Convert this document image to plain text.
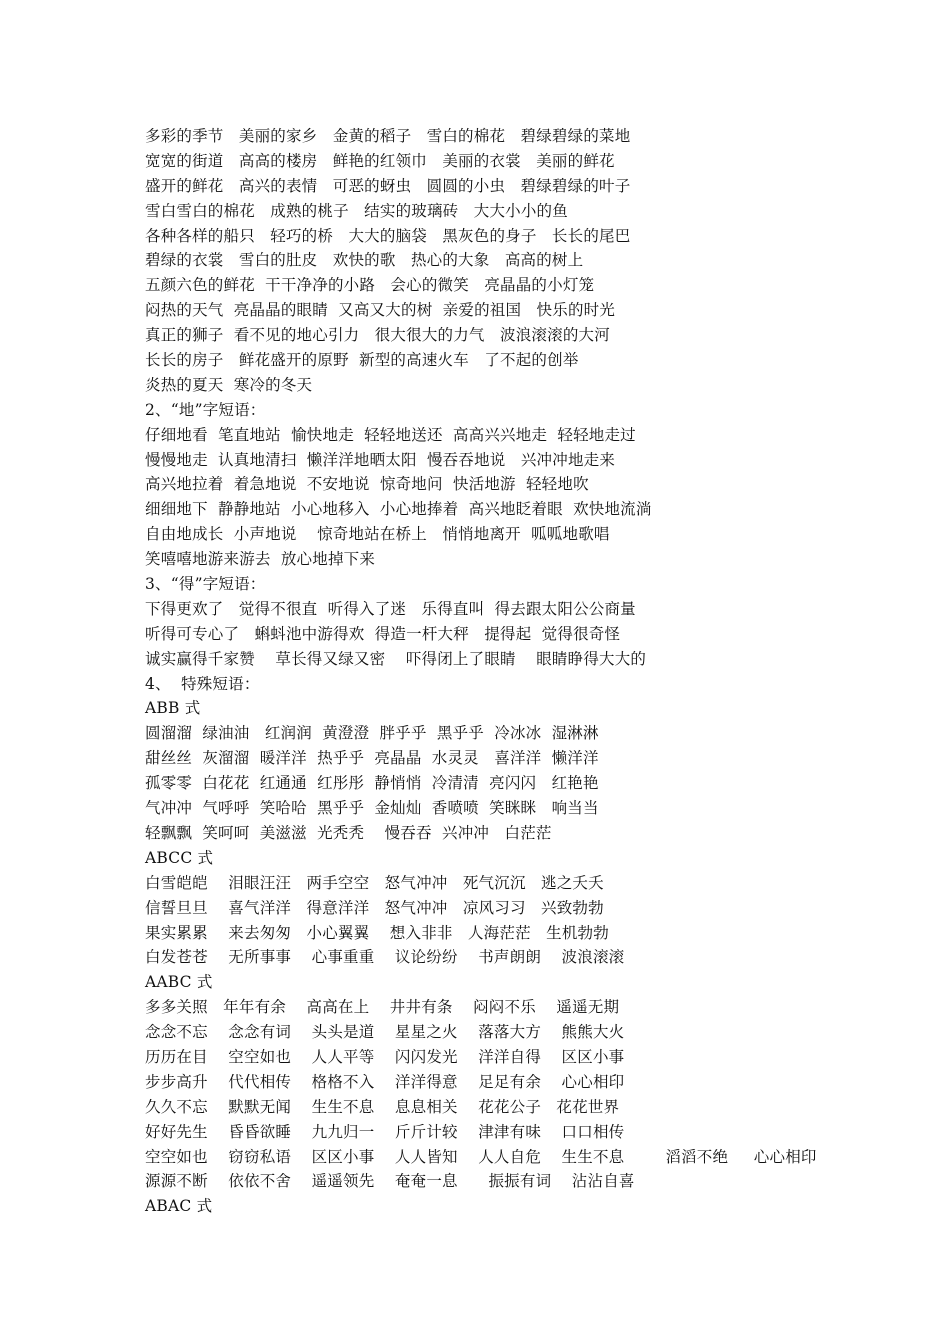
多彩的季节   美丽的家乡   金黄的稻子   雪白的棉花   碧绿碧绿的菜地
宽宽的街道   高高的楼房   鲜艳的红领巾   美丽的衣裳   美丽的鲜花
盛开的鲜花   高兴的表情   可恶的蚜虫   圆圆的小虫   碧绿碧绿的叶子
雪白雪白的棉花   成熟的桃子   结实的玻璃砖   大大小小的鱼
各种各样的船只   轻巧的桥   大大的脑袋   黑灰色的身子   长长的尾巴
碧绿的衣裳   雪白的肚皮   欢快的歌   热心的大象   高高的树上
五颜六色的鲜花  干干净净的小路   会心的微笑   亮晶晶的小灯笼
闷热的天气  亮晶晶的眼睛  又高又大的树  亲爱的祖国   快乐的时光
真正的狮子  看不见的地心引力   很大很大的力气   波浪滚滚的大河
长长的房子   鲜花盛开的原野  新型的高速火车   了不起的创举
炎热的夏天  寒冷的冬天
2、“地”字短语：
仔细地看  笔直地站  愉快地走  轻轻地送还  高高兴兴地走  轻轻地走过
慢慢地走  认真地清扫  懒洋洋地晒太阳  慢吞吞地说   兴冲冲地走来
高兴地拉着  着急地说  不安地说  惊奇地问  快活地游  轻轻地吹
细细地下  静静地站  小心地移入  小心地捧着  高兴地眨着眼  欢快地流淌
自由地成长  小声地说    惊奇地站在桥上   悄悄地离开  呱呱地歌唱
笑嘻嘻地游来游去  放心地掉下来
3、“得”字短语：
下得更欢了   觉得不很直  听得入了迷   乐得直叫  得去跟太阳公公商量
听得可专心了   蝌蚪池中游得欢  得造一杆大秤   提得起  觉得很奇怪
诚实赢得千家赞    草长得又绿又密    吓得闭上了眼睛    眼睛睁得大大的
4、  特殊短语：
ABB 式
圆溜溜  绿油油   红润润  黄澄澄  胖乎乎  黑乎乎  冷冰冰  湿淋淋
甜丝丝  灰溜溜  暖洋洋  热乎乎  亮晶晶  水灵灵   喜洋洋  懒洋洋
孤零零  白花花  红通通  红彤彤  静悄悄  冷清清  亮闪闪   红艳艳
气冲冲  气呼呼  笑哈哈  黑乎乎  金灿灿  香喷喷  笑眯眯   响当当
轻飘飘  笑呵呵  美滋滋  光秃秃    慢吞吞  兴冲冲   白茫茫
ABCC 式
白雪皑皑    泪眼汪汪   两手空空   怒气冲冲   死气沉沉   逃之夭夭
信誓旦旦    喜气洋洋   得意洋洋   怒气冲冲   凉风习习   兴致勃勃
果实累累    来去匆匆   小心翼翼    想入非非   人海茫茫   生机勃勃
白发苍苍    无所事事    心事重重    议论纷纷    书声朗朗    波浪滚滚
AABC 式
多多关照   年年有余    高高在上    井井有条    闷闷不乐    遥遥无期
念念不忘    念念有词    头头是道    星星之火    落落大方    熊熊大火
历历在目    空空如也    人人平等    闪闪发光    洋洋自得    区区小事
步步高升    代代相传    格格不入    洋洋得意    足足有余    心心相印
久久不忘    默默无闻    生生不息    息息相关    花花公子   花花世界
好好先生    昏昏欲睡    九九归一    斤斤计较    津津有味    口口相传
空空如也    窃窃私语    区区小事    人人皆知    人人自危    生生不息        滔滔不绝     心心相印
源源不断    依依不舍    遥遥领先    奄奄一息      振振有词    沾沾自喜
ABAC 式
